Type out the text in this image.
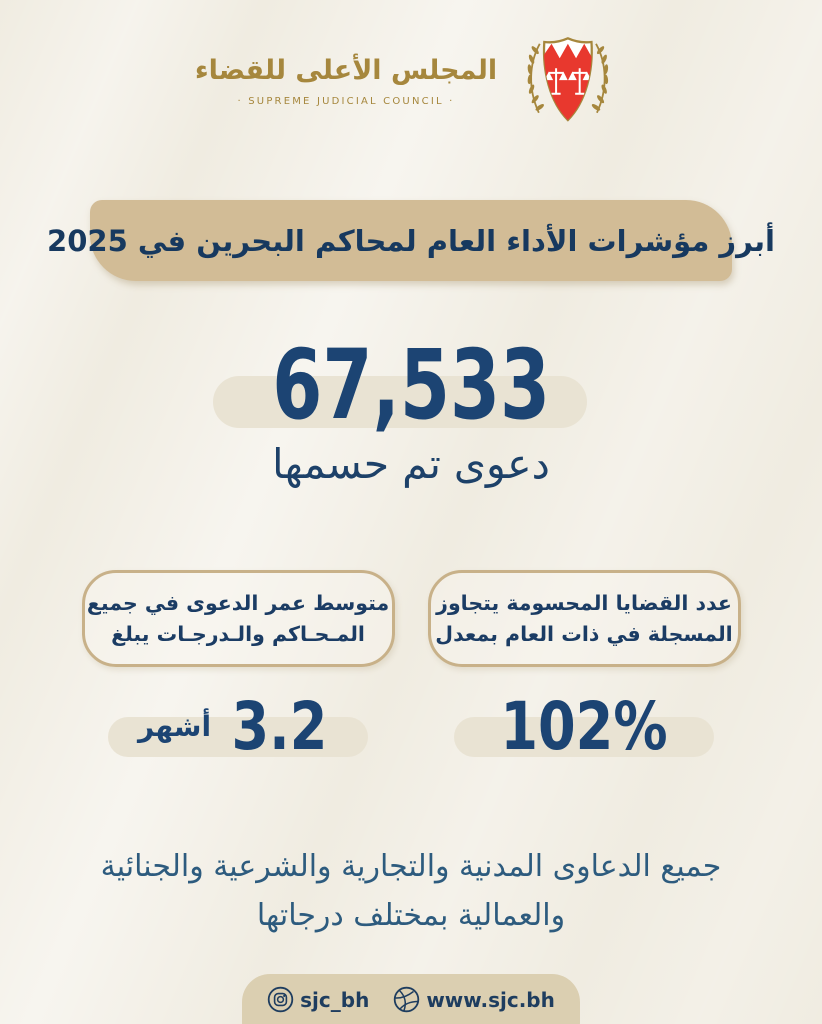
المجلس الأعلى للقضاء
· SUPREME JUDICIAL COUNCIL ·
أبرز مؤشرات الأداء العام لمحاكم البحرين في 2025
67,533
دعوى تم حسمها
عدد القضايا المحسومة يتجاوز
المسجلة في ذات العام بمعدل
102%
متوسط عمر الدعوى في جميع
المـحـاكم والـدرجـات يبلغ
3.2
أشهر
جميع الدعاوى المدنية والتجارية والشرعية والجنائية
والعمالية بمختلف درجاتها
sjc_bh	www.sjc.bh
